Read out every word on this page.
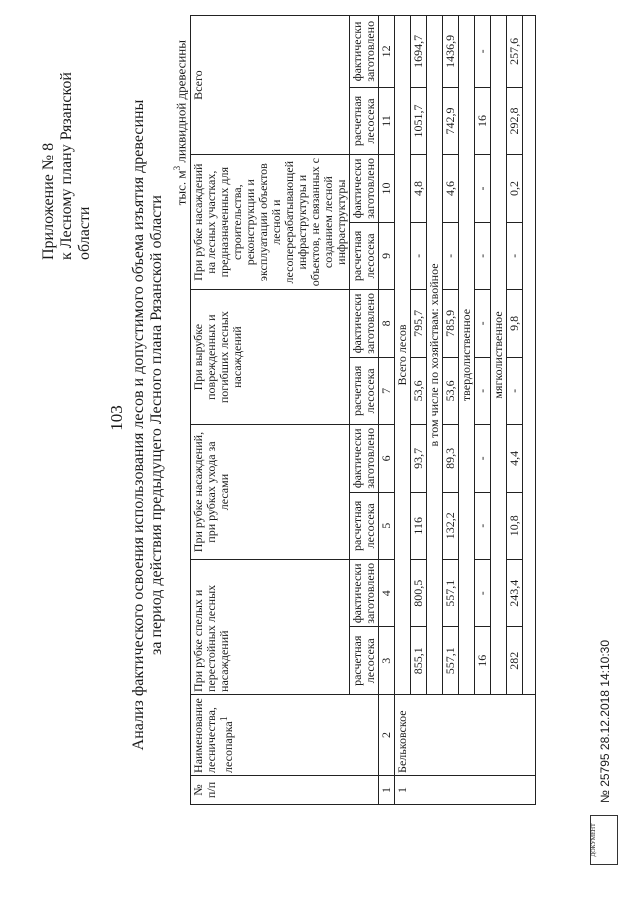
103
Приложение № 8 к Лесному плану Рязанской области Анализ фактического освоения использования лесов и допустимого объема изъятия древесины за период действия предыдущего Лесного плана Рязанской области
тыс. $м^3$ ликвидной древесины
№ п/п	Наименование лесничества, лесопарка$^1$	При рубке спелых и перестойных лесных насаждений		При рубке насаждений, при рубках ухода за лесами		При вырубке поврежденных и погибших лесных насаждений		При рубке насаждений на лесных участках, предназначенных для строительства, реконструкции и эксплуатации объектов лесной и лесоперерабатывающей инфраструктуры и объектов, не связанных с созданием лесной инфраструктуры		Всего	
		расчетная лесосека	фактически заготовлено	расчетная лесосека	фактически заготовлено	расчетная лесосека	фактически заготовлено	расчетная лесосека	фактически заготовлено	расчетная лесосека	фактически заготовлено
1	2	3	4	5	6	7	8	9	10	11	12
1	Бельковское	Всего лесов									
		855,1	800,5	116	93,7	53,6	795,7	-	4,8	1051,7	1694,7
		в том числе по хозяйствам: хвойное									
		557,1	557,1	132,2	89,3	53,6	785,9	-	4,6	742,9	1436,9
		твердолиственное									
		16	-	-	-	-	-	-	-	16	-
		мягколиственное									
		282	243,4	10,8	4,4	-	9,8	-	0,2	292,8	257,6

ДОКУМЕНТ
№ 25795 28.12.2018 14:10:30
